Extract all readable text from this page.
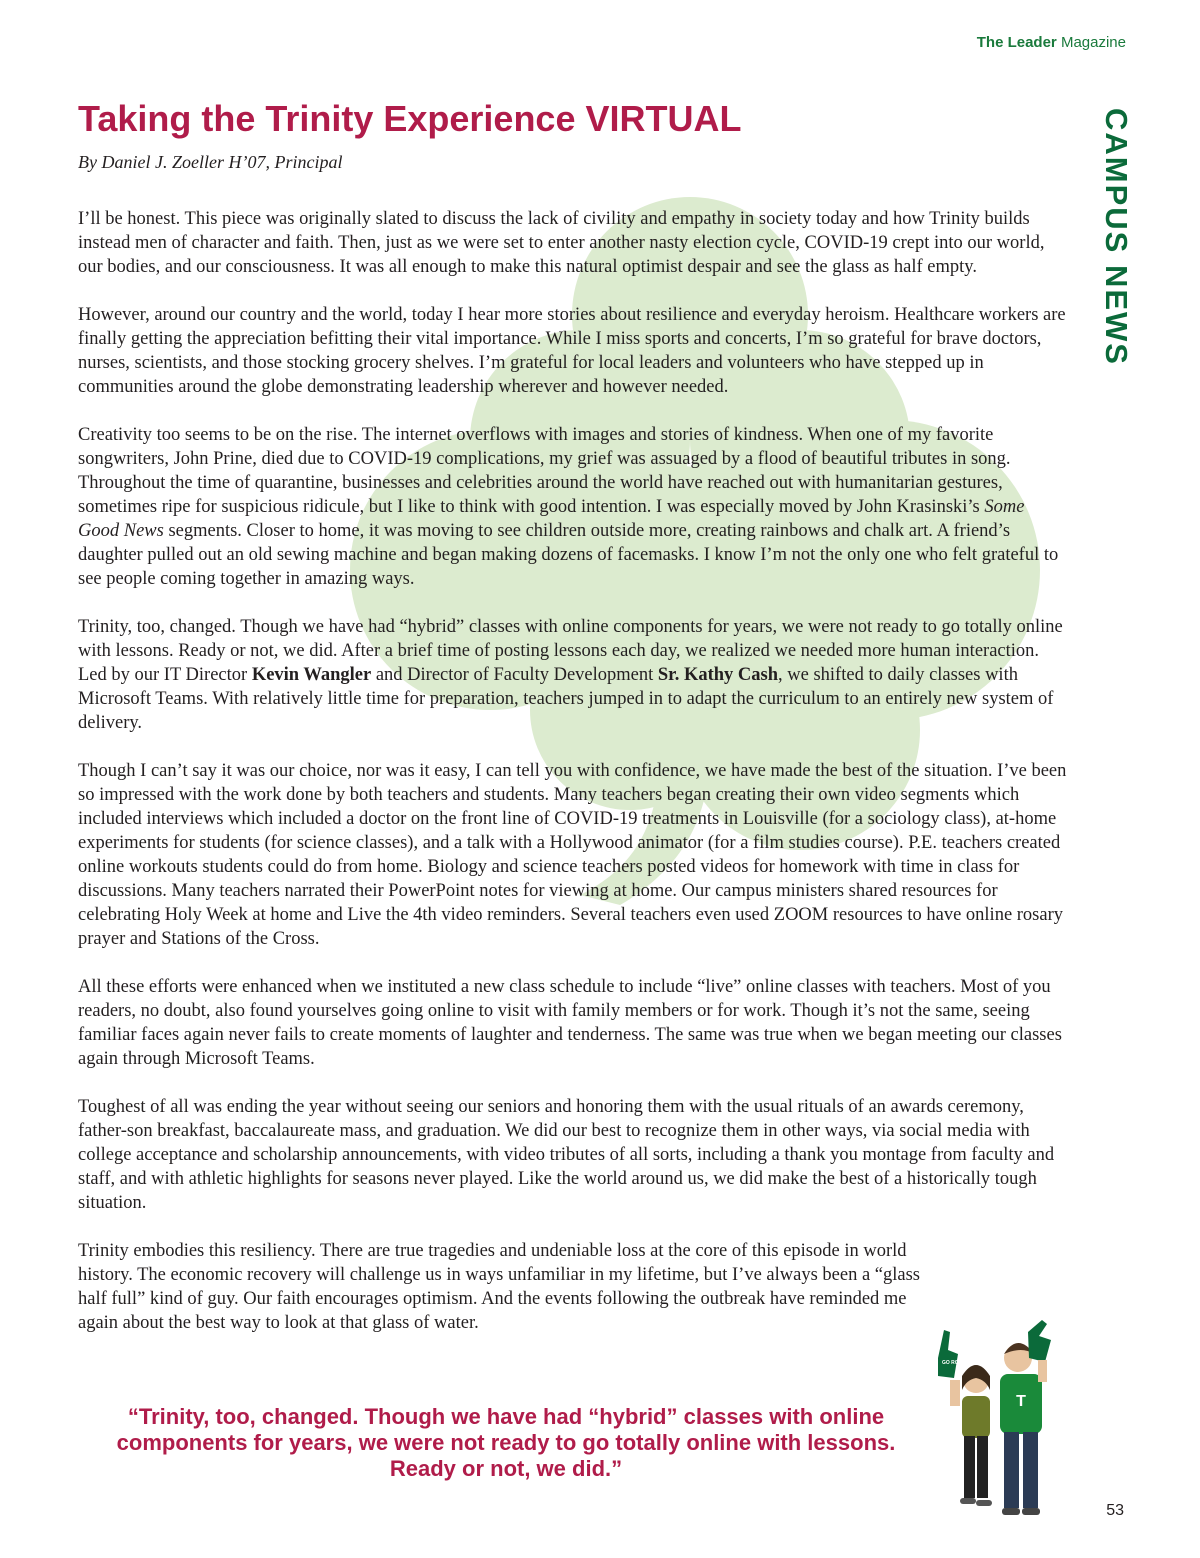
The Leader Magazine
CAMPUS NEWS
Taking the Trinity Experience VIRTUAL
By Daniel J. Zoeller H’07, Principal

I’ll be honest. This piece was originally slated to discuss the lack of civility and empathy in society today and how Trinity builds instead men of character and faith. Then, just as we were set to enter another nasty election cycle, COVID-19 crept into our world, our bodies, and our consciousness. It was all enough to make this natural optimist despair and see the glass as half empty.

However, around our country and the world, today I hear more stories about resilience and everyday heroism. Healthcare workers are finally getting the appreciation befitting their vital importance. While I miss sports and concerts, I’m so grateful for brave doctors, nurses, scientists, and those stocking grocery shelves. I’m grateful for local leaders and volunteers who have stepped up in communities around the globe demonstrating leadership wherever and however needed.

Creativity too seems to be on the rise. The internet overflows with images and stories of kindness. When one of my favorite songwriters, John Prine, died due to COVID-19 complications, my grief was assuaged by a flood of beautiful tributes in song. Throughout the time of quarantine, businesses and celebrities around the world have reached out with humanitarian gestures, sometimes ripe for suspicious ridicule, but I like to think with good intention. I was especially moved by John Krasinski’s Some Good News segments. Closer to home, it was moving to see children outside more, creating rainbows and chalk art. A friend’s daughter pulled out an old sewing machine and began making dozens of facemasks. I know I’m not the only one who felt grateful to see people coming together in amazing ways.

Trinity, too, changed. Though we have had “hybrid” classes with online components for years, we were not ready to go totally online with lessons. Ready or not, we did. After a brief time of posting lessons each day, we realized we needed more human interaction. Led by our IT Director Kevin Wangler and Director of Faculty Development Sr. Kathy Cash, we shifted to daily classes with Microsoft Teams. With relatively little time for preparation, teachers jumped in to adapt the curriculum to an entirely new system of delivery.

Though I can’t say it was our choice, nor was it easy, I can tell you with confidence, we have made the best of the situation. I’ve been so impressed with the work done by both teachers and students. Many teachers began creating their own video segments which included interviews which included a doctor on the front line of COVID-19 treatments in Louisville (for a sociology class), at-home experiments for students (for science classes), and a talk with a Hollywood animator (for a film studies course). P.E. teachers created online workouts students could do from home. Biology and science teachers posted videos for homework with time in class for discussions. Many teachers narrated their PowerPoint notes for viewing at home. Our campus ministers shared resources for celebrating Holy Week at home and Live the 4th video reminders. Several teachers even used ZOOM resources to have online rosary prayer and Stations of the Cross.

All these efforts were enhanced when we instituted a new class schedule to include “live” online classes with teachers. Most of you readers, no doubt, also found yourselves going online to visit with family members or for work. Though it’s not the same, seeing familiar faces again never fails to create moments of laughter and tenderness. The same was true when we began meeting our classes again through Microsoft Teams.

Toughest of all was ending the year without seeing our seniors and honoring them with the usual rituals of an awards ceremony, father-son breakfast, baccalaureate mass, and graduation. We did our best to recognize them in other ways, via social media with college acceptance and scholarship announcements, with video tributes of all sorts, including a thank you montage from faculty and staff, and with athletic highlights for seasons never played. Like the world around us, we did make the best of a historically tough situation.

Trinity embodies this resiliency. There are true tragedies and undeniable loss at the core of this episode in world history. The economic recovery will challenge us in ways unfamiliar in my lifetime, but I’ve always been a “glass half full” kind of guy. Our faith encourages optimism. And the events following the outbreak have reminded me again about the best way to look at that glass of water.

“Trinity, too, changed. Though we have had “hybrid” classes with online components for years, we were not ready to go totally online with lessons. Ready or not, we did.”

T
GO ROCKS
53
